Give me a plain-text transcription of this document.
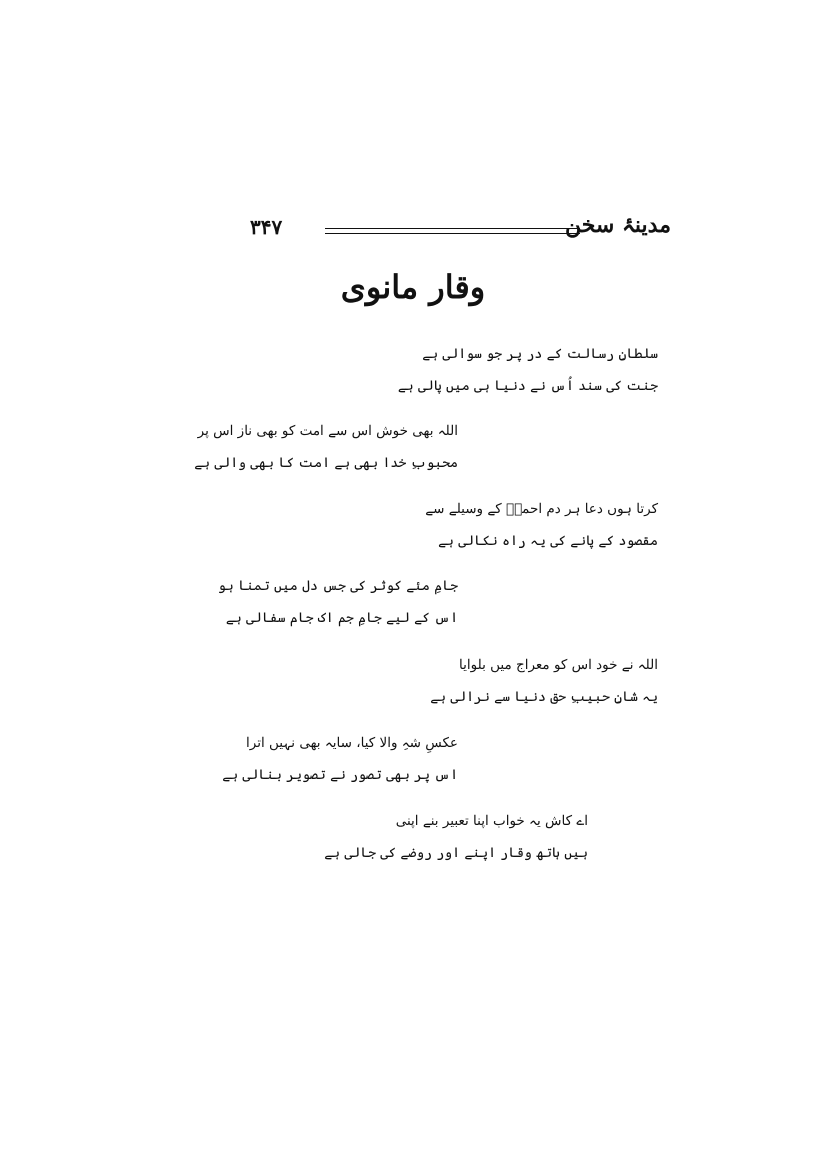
مدینۂ سخن
۳۴۷
وقار مانوی
سلطانِ رسالت کے در پر جو سوالی ہے
جنت کی سند اُس نے دنیا ہی میں پالی ہے
اللہ بھی خوش اس سے امت کو بھی ناز اس پر
محبوبِ خدا بھی ہے امت کا بھی والی ہے
کرتا ہوں دعا ہر دم احمدؐ کے وسیلے سے
مقصود کے پانے کی یہ راہ نکالی ہے
جامِ مئے کوثر کی جس دل میں تمنا ہو
اس کے لیے جامِ جم اک جام سفالی ہے
اللہ نے خود اس کو معراج میں بلوایا
یہ شانِ حبیبِ حق دنیا سے نرالی ہے
عکسِ شہِ والا کیا، سایہ بھی نہیں اترا
اس پر بھی تصور نے تصویر بنالی ہے
اے کاش یہ خواب اپنا تعبیر بنے اپنی
ہیں ہاتھ وقار اپنے اور روضے کی جالی ہے
